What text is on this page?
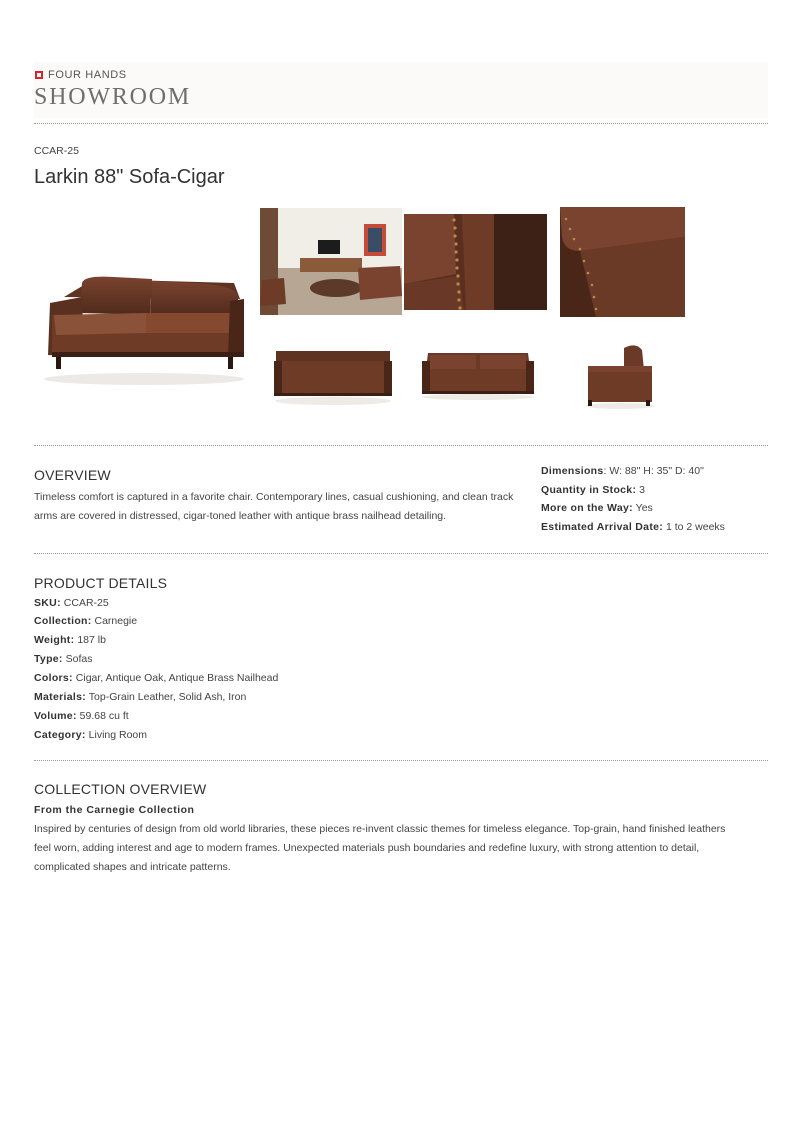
FOUR HANDS
SHOWROOM
CCAR-25
Larkin 88" Sofa-Cigar
OVERVIEW
Timeless comfort is captured in a favorite chair. Contemporary lines, casual cushioning, and clean track arms are covered in distressed, cigar-toned leather with antique brass nailhead detailing.
Dimensions: W: 88" H: 35" D: 40"
Quantity in Stock: 3
More on the Way: Yes
Estimated Arrival Date: 1 to 2 weeks
PRODUCT DETAILS
SKU: CCAR-25
Collection: Carnegie
Weight: 187 lb
Type: Sofas
Colors: Cigar, Antique Oak, Antique Brass Nailhead
Materials: Top-Grain Leather, Solid Ash, Iron
Volume: 59.68 cu ft
Category: Living Room
COLLECTION OVERVIEW
From the Carnegie Collection
Inspired by centuries of design from old world libraries, these pieces re-invent classic themes for timeless elegance. Top-grain, hand finished leathers
feel worn, adding interest and age to modern frames. Unexpected materials push boundaries and redefine luxury, with strong attention to detail,
complicated shapes and intricate patterns.
